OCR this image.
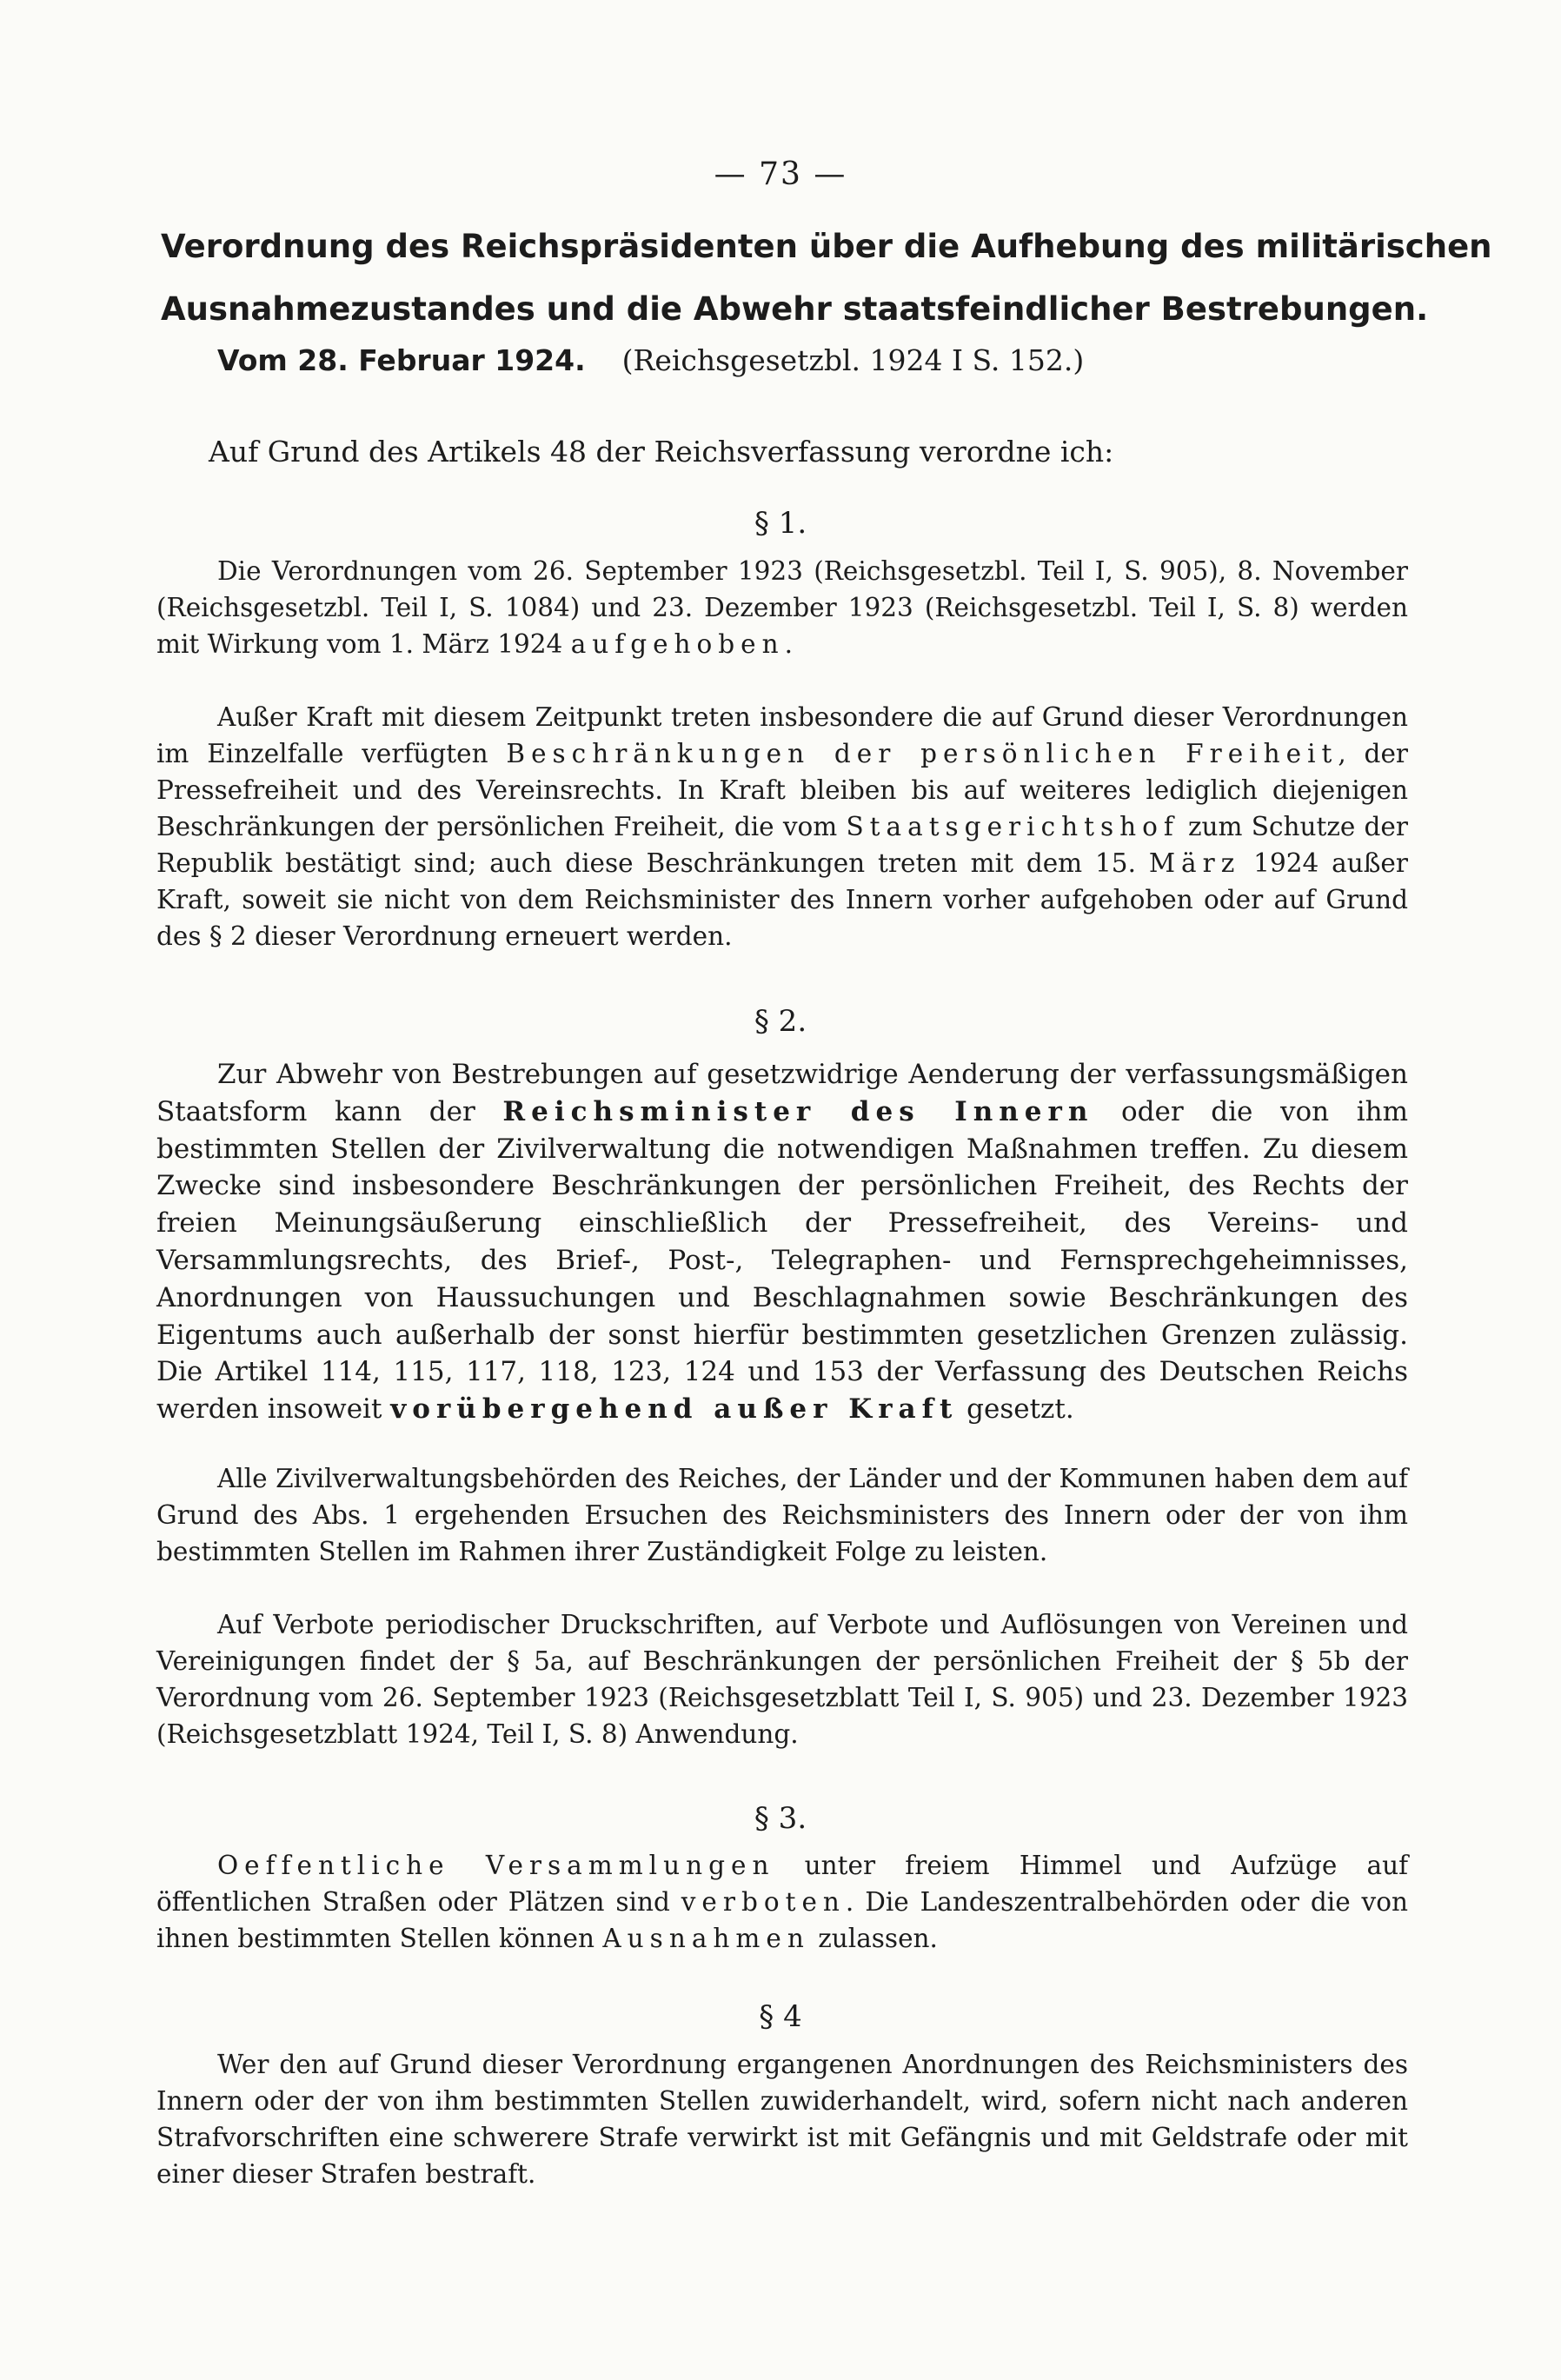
— 73 —
Verordnung des Reichspräsidenten über die Aufhebung des militärischen
Ausnahmezustandes und die Abwehr staatsfeindlicher Bestrebungen.
Vom 28. Februar 1924. (Reichsgesetzbl. 1924 I S. 152.)
Auf Grund des Artikels 48 der Reichsverfassung verordne ich:
§ 1.
Die Verordnungen vom 26. September 1923 (Reichsgesetzbl. Teil I, S. 905), 8. November (Reichsgesetzbl. Teil I, S. 1084) und 23. Dezember 1923 (Reichsgesetzbl. Teil I, S. 8) werden mit Wirkung vom 1. März 1924 aufgehoben.
Außer Kraft mit diesem Zeitpunkt treten insbesondere die auf Grund dieser Verordnungen im Einzelfalle verfügten Beschränkungen der persönlichen Freiheit, der Pressefreiheit und des Vereinsrechts. In Kraft bleiben bis auf weiteres lediglich diejenigen Beschränkungen der persönlichen Freiheit, die vom Staatsgerichtshof zum Schutze der Republik bestätigt sind; auch diese Beschränkungen treten mit dem 15. März 1924 außer Kraft, soweit sie nicht von dem Reichsminister des Innern vorher aufgehoben oder auf Grund des § 2 dieser Verordnung erneuert werden.
§ 2.
Zur Abwehr von Bestrebungen auf gesetzwidrige Aenderung der verfassungsmäßigen Staatsform kann der Reichsminister des Innern oder die von ihm bestimmten Stellen der Zivilverwaltung die notwendigen Maßnahmen treffen. Zu diesem Zwecke sind insbesondere Beschränkungen der persönlichen Freiheit, des Rechts der freien Meinungsäußerung einschließlich der Pressefreiheit, des Vereins- und Versammlungsrechts, des Brief-, Post-, Telegraphen- und Fernsprechgeheimnisses, Anordnungen von Haussuchungen und Beschlagnahmen sowie Beschränkungen des Eigentums auch außerhalb der sonst hierfür bestimmten gesetzlichen Grenzen zulässig. Die Artikel 114, 115, 117, 118, 123, 124 und 153 der Verfassung des Deutschen Reichs werden insoweit vorübergehend außer Kraft gesetzt.
Alle Zivilverwaltungsbehörden des Reiches, der Länder und der Kommunen haben dem auf Grund des Abs. 1 ergehenden Ersuchen des Reichsministers des Innern oder der von ihm bestimmten Stellen im Rahmen ihrer Zuständigkeit Folge zu leisten.
Auf Verbote periodischer Druckschriften, auf Verbote und Auflösungen von Vereinen und Vereinigungen findet der § 5a, auf Beschränkungen der persönlichen Freiheit der § 5b der Verordnung vom 26. September 1923 (Reichsgesetzblatt Teil I, S. 905) und 23. Dezember 1923 (Reichsgesetzblatt 1924, Teil I, S. 8) Anwendung.
§ 3.
Oeffentliche Versammlungen unter freiem Himmel und Aufzüge auf öffentlichen Straßen oder Plätzen sind verboten. Die Landeszentralbehörden oder die von ihnen bestimmten Stellen können Ausnahmen zulassen.
§ 4
Wer den auf Grund dieser Verordnung ergangenen Anordnungen des Reichsministers des Innern oder der von ihm bestimmten Stellen zuwiderhandelt, wird, sofern nicht nach anderen Strafvorschriften eine schwerere Strafe verwirkt ist mit Gefängnis und mit Geldstrafe oder mit einer dieser Strafen bestraft.
